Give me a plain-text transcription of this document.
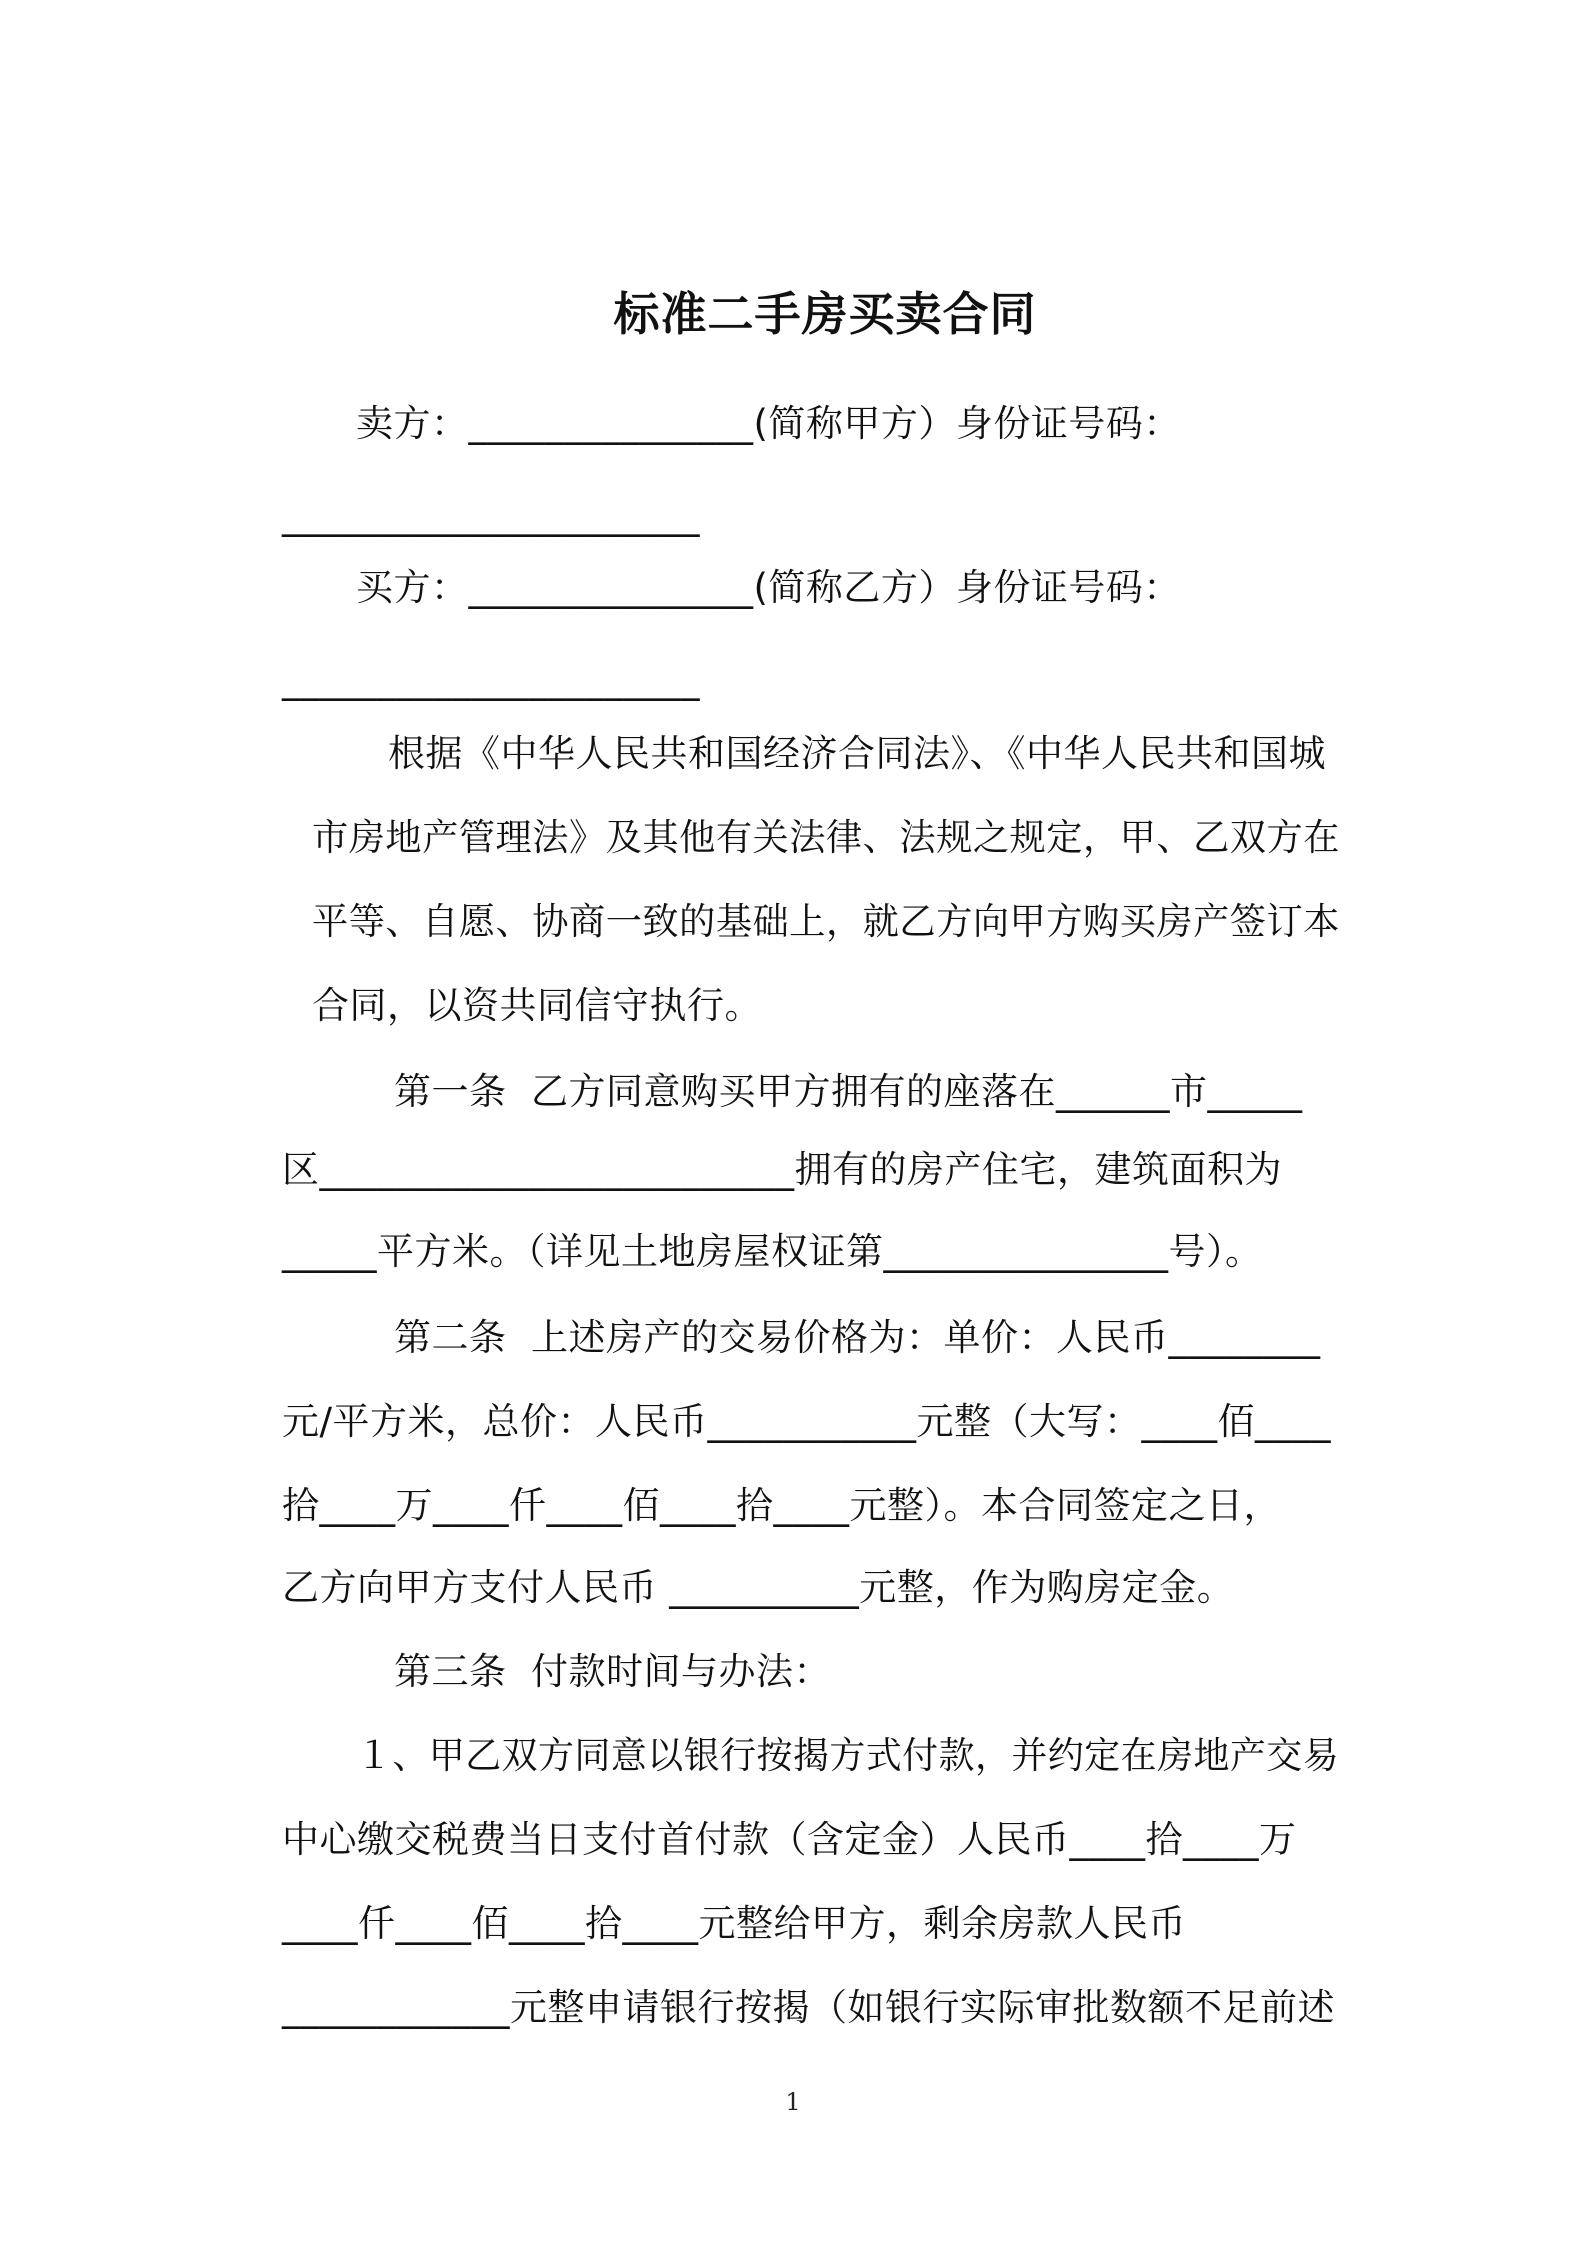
标准二手房买卖合同
卖方：_______________(简称甲方）身份证号码：
______________________
买方：_______________(简称乙方）身份证号码：
______________________
根据《中华人民共和国经济合同法》、《中华人民共和国城
市房地产管理法》及其他有关法律、法规之规定，甲、乙双方在
平等、自愿、协商一致的基础上，就乙方向甲方购买房产签订本
合同，以资共同信守执行。
第一条  乙方同意购买甲方拥有的座落在______市_____
区_________________________拥有的房产住宅，建筑面积为
_____平方米。（详见土地房屋权证第_______________号）。
第二条  上述房产的交易价格为：单价：人民币________
元/平方米，总价：人民币___________元整（大写：____佰____
拾____万____仟____佰____拾____元整）。本合同签定之日，
乙方向甲方支付人民币 __________元整，作为购房定金。
第三条  付款时间与办法：
１、甲乙双方同意以银行按揭方式付款，并约定在房地产交易
中心缴交税费当日支付首付款（含定金）人民币____拾____万
____仟____佰____拾____元整给甲方，剩余房款人民币
____________元整申请银行按揭（如银行实际审批数额不足前述
1
